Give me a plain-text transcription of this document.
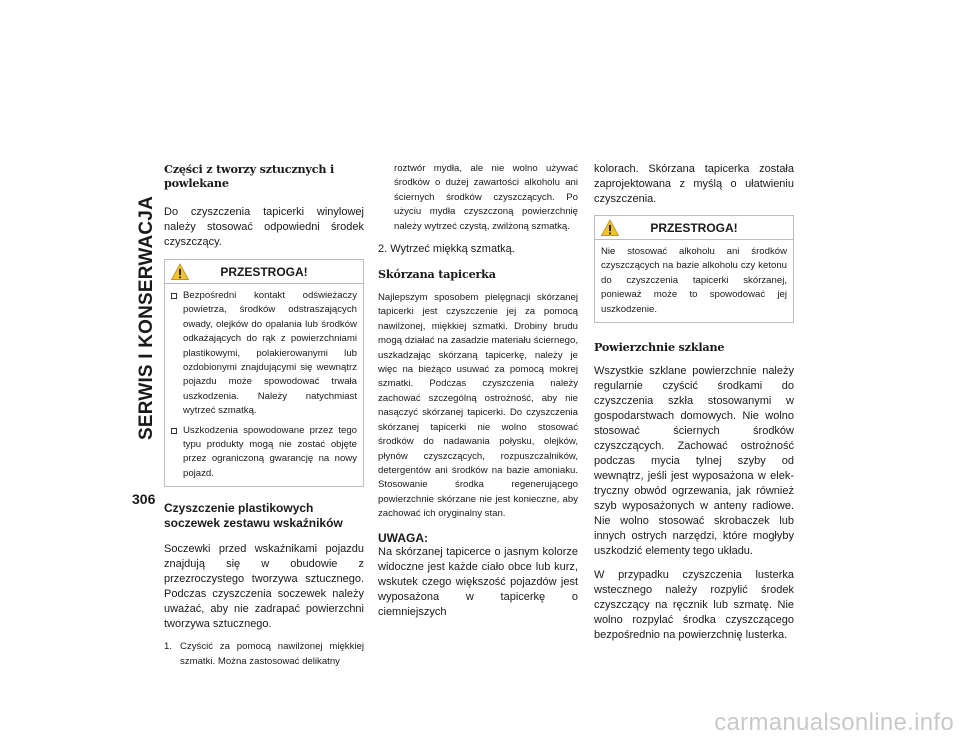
SERWIS I KONSERWACJA
306
Części z tworzy sztucznych i powlekane
Do czyszczenia tapicerki winylowej należy stosować odpowiedni środek czyszczący.
PRZESTROGA!
Bezpośredni kontakt odświeżaczy powietrza, środków odstraszających owady, olejków do opalania lub środków odkażających do rąk z powierzchniami plastikowymi, polakierowanymi lub ozdobionymi znajdującymi się wewnątrz pojazdu może spowodować trwała uszkodzenia. Należy natychmiast wytrzeć szmatką.
Uszkodzenia spowodowane przez tego typu produkty mogą nie zostać objęte przez ograniczoną gwarancję na nowy pojazd.
Czyszczenie plastikowych soczewek zestawu wskaźników
Soczewki przed wskaźnikami pojazdu znajdują się w obudowie z przezroczystego tworzywa sztucznego. Podczas czyszczenia soczewek należy uważać, aby nie zadrapać powierzchni tworzywa sztucznego.
1. Czyścić za pomocą nawilżonej miękkiej szmatki. Można zastosować delikatny
roztwór mydła, ale nie wolno używać środków o dużej zawartości alkoholu ani ściernych środków czyszczących. Po użyciu mydła czyszczoną powierzchnię należy wytrzeć czystą, zwilżoną szmatką.
2. Wytrzeć miękką szmatką.
Skórzana tapicerka
Najlepszym sposobem pielęgnacji skórzanej tapicerki jest czyszczenie jej za pomocą nawilżonej, miękkiej szmatki. Drobiny brudu mogą działać na zasadzie materiału ściernego, uszkadzając skórzaną tapicerkę, należy je więc na bieżąco usuwać za pomocą mokrej szmatki. Podczas czyszczenia należy zachować szczególną ostrożność, aby nie nasączyć skórzanej tapicerki. Do czyszczenia skórzanej tapicerki nie wolno stosować środków do nadawania połysku, olejków, płynów czyszczących, rozpuszczalników, detergentów ani środków na bazie amoniaku. Stosowanie środka regenerującego powierzchnie skórzane nie jest konieczne, aby zachować ich oryginalny stan.
UWAGA:
Na skórzanej tapicerce o jasnym kolorze widoczne jest każde ciało obce lub kurz, wskutek czego większość pojazdów jest wyposażona w tapicerkę o ciemniejszych
kolorach. Skórzana tapicerka została zaprojektowana z myślą o ułatwieniu czyszczenia.
PRZESTROGA!
Nie stosować alkoholu ani środków czyszczących na bazie alkoholu czy ketonu do czyszczenia tapicerki skórzanej, ponieważ może to spowodować jej uszkodzenie.
Powierzchnie szklane
Wszystkie szklane powierzchnie należy regularnie czyścić środkami do czyszczenia szkła stosowanymi w gospodarstwach domowych. Nie wolno stosować ściernych środków czyszczących. Zachować ostrożność podczas mycia tylnej szyby od wewnątrz, jeśli jest wyposażona w elektryczny obwód ogrzewania, jak również szyb wyposażonych w anteny radiowe. Nie wolno stosować skrobaczek lub innych ostrych narzędzi, które mogłyby uszkodzić elementy tego układu.
W przypadku czyszczenia lusterka wstecznego należy rozpylić środek czyszczący na ręcznik lub szmatę. Nie wolno rozpylać środka czyszczącego bezpośrednio na powierzchnię lusterka.
carmanualsonline.info
